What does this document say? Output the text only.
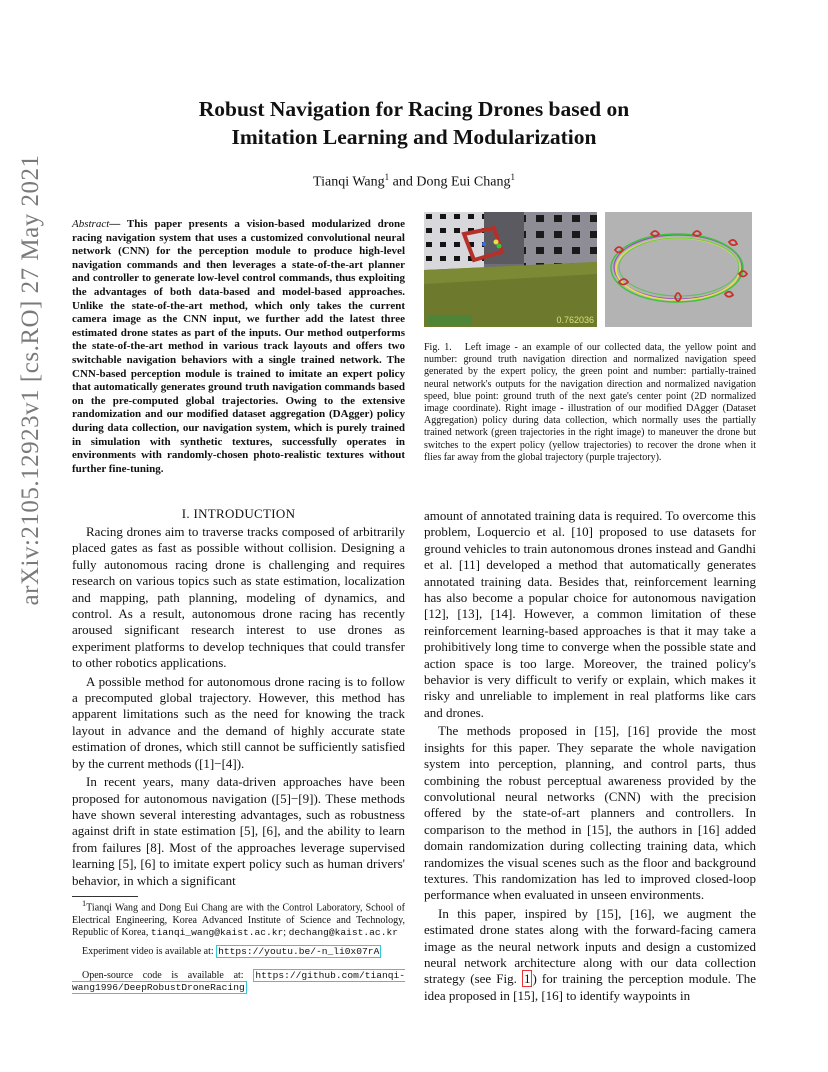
arXiv:2105.12923v1 [cs.RO] 27 May 2021
Robust Navigation for Racing Drones based on
Imitation Learning and Modularization
Tianqi Wang$^1$ and Dong Eui Chang$^1$
Abstract— This paper presents a vision-based modularized drone racing navigation system that uses a customized convolutional neural network (CNN) for the perception module to produce high-level navigation commands and then leverages a state-of-the-art planner and controller to generate low-level control commands, thus exploiting the advantages of both data-based and model-based approaches. Unlike the state-of-the-art method, which only takes the current camera image as the CNN input, we further add the latest three estimated drone states as part of the inputs. Our method outperforms the state-of-the-art method in various track layouts and offers two switchable navigation behaviors with a single trained network. The CNN-based perception module is trained to imitate an expert policy that automatically generates ground truth navigation commands based on the pre-computed global trajectories. Owing to the extensive randomization and our modified dataset aggregation (DAgger) policy during data collection, our navigation system, which is purely trained in simulation with synthetic textures, successfully operates in environments with randomly-chosen photo-realistic textures without further fine-tuning.
I. INTRODUCTION

Racing drones aim to traverse tracks composed of arbitrarily placed gates as fast as possible without collision. Designing a fully autonomous racing drone is challenging and requires research on various topics such as state estimation, localization and mapping, path planning, modeling of dynamics, and control. As a result, autonomous drone racing has recently aroused significant research interest to use drones as experiment platforms to develop techniques that could transfer to other robotics applications.

A possible method for autonomous drone racing is to follow a precomputed global trajectory. However, this method has apparent limitations such as the need for knowing the track layout in advance and the demand of highly accurate state estimation of drones, which still cannot be sufficiently satisfied by the current methods ([1]−[4]).

In recent years, many data-driven approaches have been proposed for autonomous navigation ([5]−[9]). These methods have shown several interesting advantages, such as robustness against drift in state estimation [5], [6], and the ability to learn from failures [8]. Most of the approaches leverage supervised learning [5], [6] to imitate expert policy such as human drivers' behavior, in which a significant

$^1$Tianqi Wang and Dong Eui Chang are with the Control Laboratory, School of Electrical Engineering, Korea Advanced Institute of Science and Technology, Republic of Korea, tianqi_wang@kaist.ac.kr; dechang@kaist.ac.kr
Experiment video is available at: https://youtu.be/-n_li0x07rA
Open-source code is available at: https://github.com/tianqi-wang1996/DeepRobustDroneRacing
0.762036
Fig. 1. Left image - an example of our collected data, the yellow point and number: ground truth navigation direction and normalized navigation speed generated by the expert policy, the green point and number: partially-trained neural network's outputs for the navigation direction and normalized navigation speed, blue point: ground truth of the next gate's center point (2D normalized image coordinate). Right image - illustration of our modified DAgger (Dataset Aggregation) policy during data collection, which normally uses the partially trained network (green trajectories in the right image) to maneuver the drone but switches to the expert policy (yellow trajectories) to recover the drone when it flies far away from the global trajectory (purple trajectory).

amount of annotated training data is required. To overcome this problem, Loquercio et al. [10] proposed to use datasets for ground vehicles to train autonomous drones instead and Gandhi et al. [11] developed a method that automatically generates annotated training data. Besides that, reinforcement learning has also become a popular choice for autonomous navigation [12], [13], [14]. However, a common limitation of these reinforcement learning-based approaches is that it may take a prohibitively long time to converge when the possible state and action space is too large. Moreover, the trained policy's behavior is very difficult to verify or explain, which makes it risky and unreliable to implement in real platforms like cars and drones.

The methods proposed in [15], [16] provide the most insights for this paper. They separate the whole navigation system into perception, planning, and control parts, thus combining the robust perceptual awareness provided by the convolutional neural networks (CNN) with the precision offered by the state-of-art planners and controllers. In comparison to the method in [15], the authors in [16] added domain randomization during collecting training data, which randomizes the visual scenes such as the floor and background textures. This randomization has led to improved closed-loop performance when evaluated in unseen environments.

In this paper, inspired by [15], [16], we augment the estimated drone states along with the forward-facing camera image as the neural network inputs and design a customized neural network architecture along with our data collection strategy (see Fig. 1 ) for training the perception module. The idea proposed in [15], [16] to identify waypoints in
